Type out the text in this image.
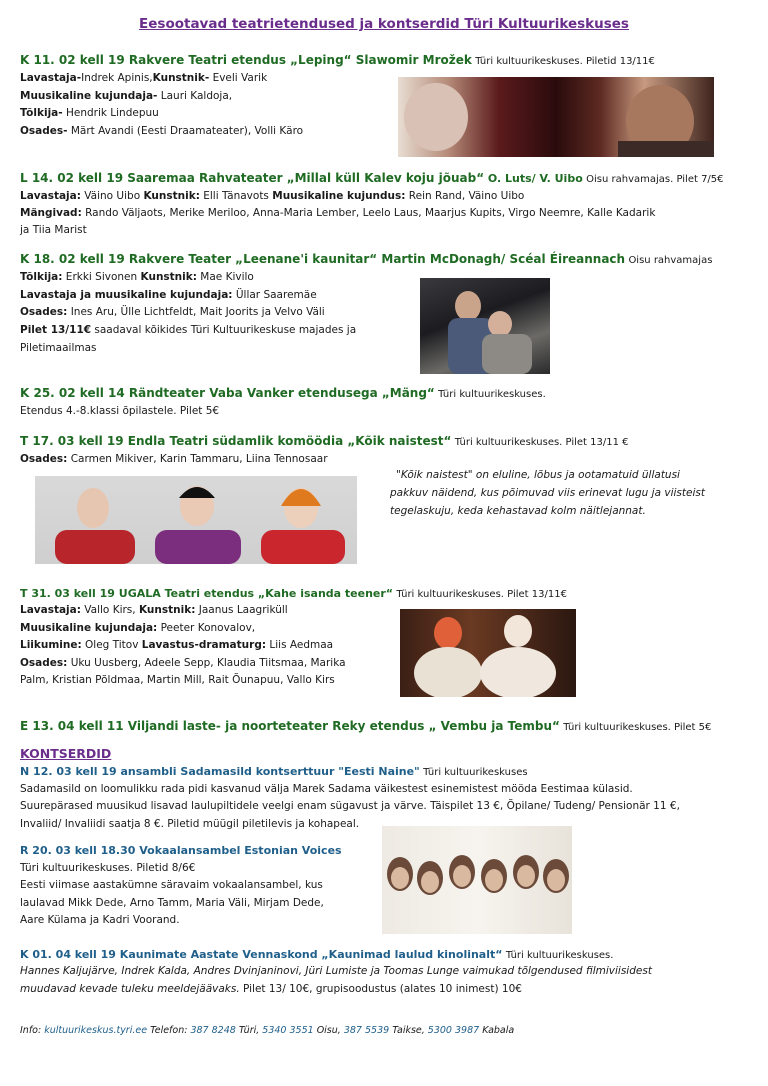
Eesootavad teatrietendused ja kontserdid Türi Kultuurikeskuses
K 11. 02 kell 19 Rakvere Teatri etendus „Leping“ Slawomir Mrožek Türi kultuurikeskuses. Piletid 13/11€
Lavastaja-Indrek Apinis,Kunstnik- Eveli Varik
Muusikaline kujundaja- Lauri Kaldoja,
Tõlkija- Hendrik Lindepuu
Osades- Märt Avandi (Eesti Draamateater), Volli Käro
L 14. 02 kell 19 Saaremaa Rahvateater „Millal küll Kalev koju jõuab“ O. Luts/ V. Uibo Oisu rahvamajas. Pilet 7/5€
Lavastaja: Väino Uibo Kunstnik: Elli Tänavots Muusikaline kujundus: Rein Rand, Väino Uibo
Mängivad: Rando Väljaots, Merike Meriloo, Anna-Maria Lember, Leelo Laus, Maarjus Kupits, Virgo Neemre, Kalle Kadarik
ja Tiia Marist
K 18. 02 kell 19 Rakvere Teater „Leenane'i kaunitar“ Martin McDonagh/ Scéal Éireannach Oisu rahvamajas
Tõlkija: Erkki Sivonen Kunstnik: Mae Kivilo
Lavastaja ja muusikaline kujundaja: Üllar Saaremäe
Osades: Ines Aru, Ülle Lichtfeldt, Mait Joorits ja Velvo Väli
Pilet 13/11€ saadaval kõikides Türi Kultuurikeskuse majades ja
Piletimaailmas
K 25. 02 kell 14 Rändteater Vaba Vanker etendusega „Mäng“ Türi kultuurikeskuses.
Etendus 4.-8.klassi õpilastele. Pilet 5€
T 17. 03 kell 19 Endla Teatri südamlik komöödia „Kõik naistest“ Türi kultuurikeskuses. Pilet 13/11 €
Osades: Carmen Mikiver, Karin Tammaru, Liina Tennosaar
"Kõik naistest" on eluline, lõbus ja ootamatuid üllatusi
pakkuv näidend, kus põimuvad viis erinevat lugu ja viisteist
tegelaskuju, keda kehastavad kolm näitlejannat.
T 31. 03 kell 19 UGALA Teatri etendus „Kahe isanda teener“ Türi kultuurikeskuses. Pilet 13/11€
Lavastaja: Vallo Kirs, Kunstnik: Jaanus Laagriküll
Muusikaline kujundaja: Peeter Konovalov,
Liikumine: Oleg Titov Lavastus-dramaturg: Liis Aedmaa
Osades: Uku Uusberg, Adeele Sepp, Klaudia Tiitsmaa, Marika
Palm, Kristian Põldmaa, Martin Mill, Rait Õunapuu, Vallo Kirs
E 13. 04 kell 11 Viljandi laste- ja noorteteater Reky etendus „ Vembu ja Tembu“ Türi kultuurikeskuses. Pilet 5€
KONTSERDID
N 12. 03 kell 19 ansambli Sadamasild kontserttuur "Eesti Naine" Türi kultuurikeskuses
Sadamasild on loomulikku rada pidi kasvanud välja Marek Sadama väikestest esinemistest mööda Eestimaa külasid.
Suurepärased muusikud lisavad laulupiltidele veelgi enam sügavust ja värve. Täispilet 13 €, Õpilane/ Tudeng/ Pensionär 11 €,
Invaliid/ Invaliidi saatja 8 €. Piletid müügil piletilevis ja kohapeal.
R 20. 03 kell 18.30 Vokaalansambel Estonian Voices
Türi kultuurikeskuses. Piletid 8/6€
Eesti viimase aastakümne säravaim vokaalansambel, kus
laulavad Mikk Dede, Arno Tamm, Maria Väli, Mirjam Dede,
Aare Külama ja Kadri Voorand.
K 01. 04 kell 19 Kaunimate Aastate Vennaskond „Kaunimad laulud kinolinalt“ Türi kultuurikeskuses.
Hannes Kaljujärve, Indrek Kalda, Andres Dvinjaninovi, Jüri Lumiste ja Toomas Lunge vaimukad tõlgendused filmiviisidest
muudavad kevade tuleku meeldejäävaks. Pilet 13/ 10€, grupisoodustus (alates 10 inimest) 10€
Info: kultuurikeskus.tyri.ee Telefon: 387 8248 Türi, 5340 3551 Oisu, 387 5539 Taikse, 5300 3987 Kabala
